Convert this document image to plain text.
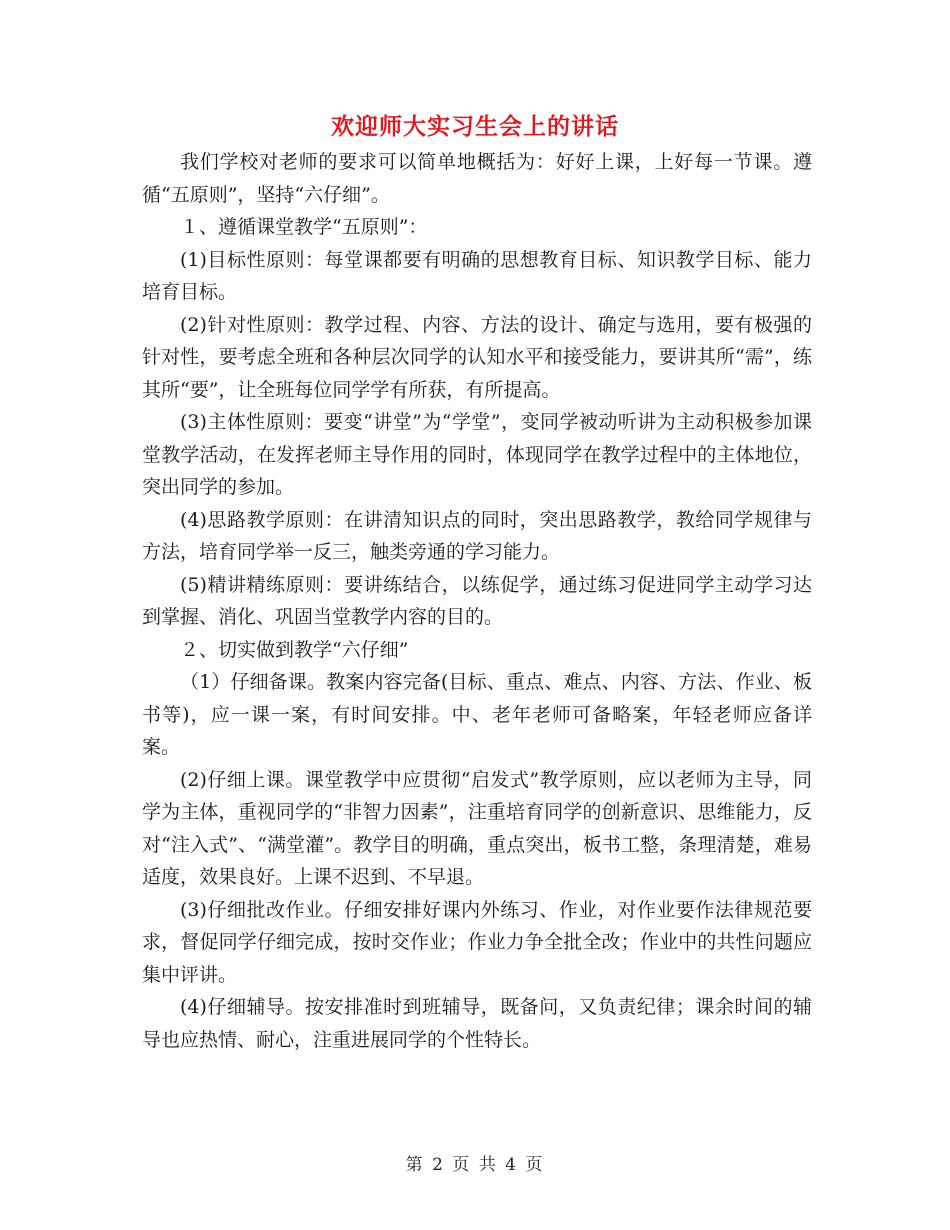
欢迎师大实习生会上的讲话

我们学校对老师的要求可以简单地概括为：好好上课，上好每一节课。遵循“五原则”，坚持“六仔细”。

１、遵循课堂教学“五原则”：

(1)目标性原则：每堂课都要有明确的思想教育目标、知识教学目标、能力培育目标。

(2)针对性原则：教学过程、内容、方法的设计、确定与选用，要有极强的针对性，要考虑全班和各种层次同学的认知水平和接受能力，要讲其所“需”，练其所“要”，让全班每位同学学有所获，有所提高。

(3)主体性原则：要变“讲堂”为“学堂”，变同学被动听讲为主动积极参加课堂教学活动，在发挥老师主导作用的同时，体现同学在教学过程中的主体地位，突出同学的参加。

(4)思路教学原则：在讲清知识点的同时，突出思路教学，教给同学规律与方法，培育同学举一反三，触类旁通的学习能力。

(5)精讲精练原则：要讲练结合，以练促学，通过练习促进同学主动学习达到掌握、消化、巩固当堂教学内容的目的。

２、切实做到教学“六仔细”

（1）仔细备课。教案内容完备(目标、重点、难点、内容、方法、作业、板书等)，应一课一案，有时间安排。中、老年老师可备略案，年轻老师应备详案。

(2)仔细上课。课堂教学中应贯彻“启发式”教学原则，应以老师为主导，同学为主体，重视同学的“非智力因素”，注重培育同学的创新意识、思维能力，反对“注入式”、“满堂灌”。教学目的明确，重点突出，板书工整，条理清楚，难易适度，效果良好。上课不迟到、不早退。

(3)仔细批改作业。仔细安排好课内外练习、作业，对作业要作法律规范要求，督促同学仔细完成，按时交作业；作业力争全批全改；作业中的共性问题应集中评讲。

(4)仔细辅导。按安排准时到班辅导，既备问，又负责纪律；课余时间的辅导也应热情、耐心，注重进展同学的个性特长。

第 2 页 共 4 页
